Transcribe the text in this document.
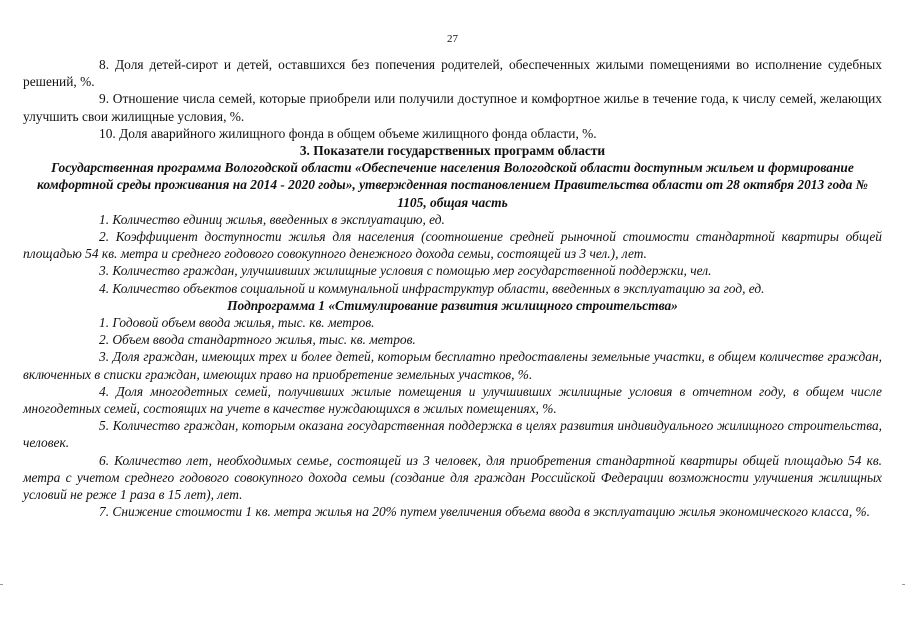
27

8. Доля детей-сирот и детей, оставшихся без попечения родителей, обеспеченных жилыми помещениями во исполнение судебных решений, %.

9. Отношение числа семей, которые приобрели или получили доступное и комфортное жилье в течение года, к числу семей, желающих улучшить свои жилищные условия, %.

10. Доля аварийного жилищного фонда в общем объеме жилищного фонда области, %.

3. Показатели государственных программ области

Государственная программа Вологодской области «Обеспечение населения Вологодской области доступным жильем и формирование комфортной среды проживания на 2014 - 2020 годы», утвержденная постановлением Правительства области от 28 октября 2013 года № 1105, общая часть

1. Количество единиц жилья, введенных в эксплуатацию, ед.

2. Коэффициент доступности жилья для населения (соотношение средней рыночной стоимости стандартной квартиры общей площадью 54 кв. метра и среднего годового совокупного денежного дохода семьи, состоящей из 3 чел.), лет.

3. Количество граждан, улучшивших жилищные условия с помощью мер государственной поддержки, чел.

4. Количество объектов социальной и коммунальной инфраструктур области, введенных в эксплуатацию за год, ед.

Подпрограмма 1 «Стимулирование развития жилищного строительства»

1. Годовой объем ввода жилья, тыс. кв. метров.

2. Объем ввода стандартного жилья, тыс. кв. метров.

3. Доля граждан, имеющих трех и более детей, которым бесплатно предоставлены земельные участки, в общем количестве граждан, включенных в списки граждан, имеющих право на приобретение земельных участков, %.

4. Доля многодетных семей, получивших жилые помещения и улучшивших жилищные условия в отчетном году, в общем числе многодетных семей, состоящих на учете в качестве нуждающихся в жилых помещениях, %.

5. Количество граждан, которым оказана государственная поддержка в целях развития индивидуального жилищного строительства, человек.

6. Количество лет, необходимых семье, состоящей из 3 человек, для приобретения стандартной квартиры общей площадью 54 кв. метра с учетом среднего годового совокупного дохода семьи (создание для граждан Российской Федерации возможности улучшения жилищных условий не реже 1 раза в 15 лет), лет.

7. Снижение стоимости 1 кв. метра жилья на 20% путем увеличения объема ввода в эксплуатацию жилья экономического класса, %.
